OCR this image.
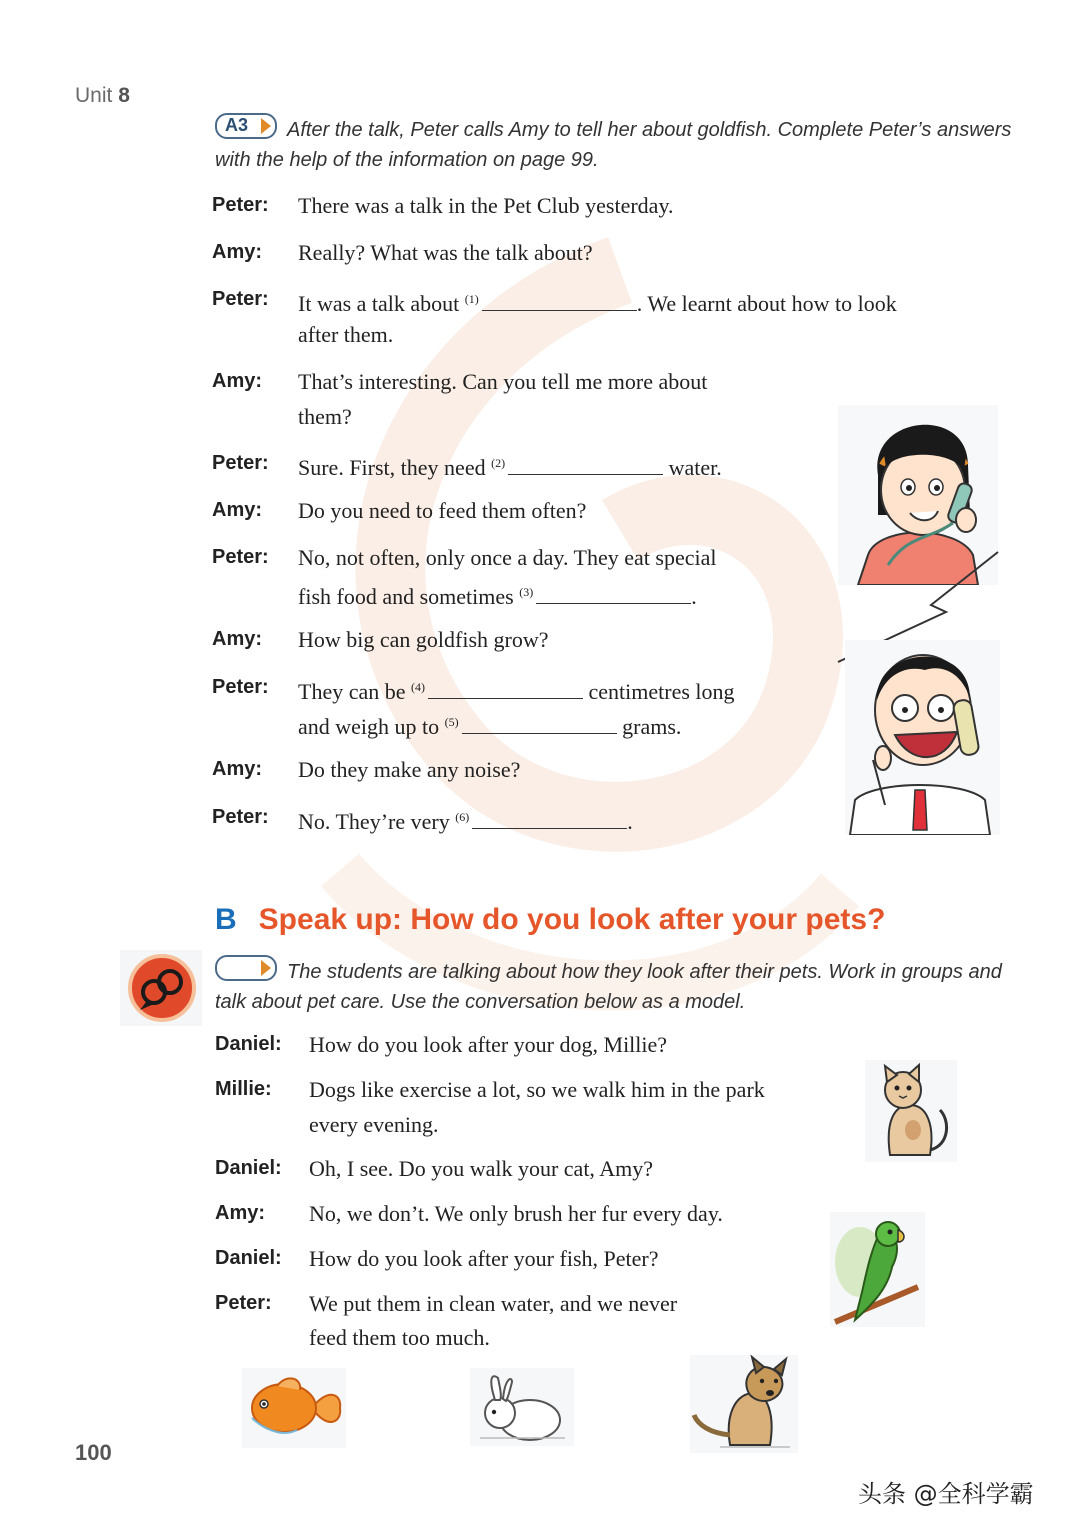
Unit 8
A3 After the talk, Peter calls Amy to tell her about goldfish. Complete Peter’s answers with the help of the information on page 99.
Peter: There was a talk in the Pet Club yesterday.
Amy: Really? What was the talk about?
Peter: It was a talk about $^{(1)}$	. We learnt about how to look
after them.
Amy: That’s interesting. Can you tell me more about
them?
Peter: Sure. First, they need $^{(2)}$	water.
Amy: Do you need to feed them often?
Peter: No, not often, only once a day. They eat special
fish food and sometimes $^{(3)}$	.
Amy: How big can goldfish grow?
Peter: They can be $^{(4)}$	centimetres long
and weigh up to $^{(5)}$	grams.
Amy: Do they make any noise?
Peter: No. They’re very $^{(6)}$	.
B Speak up: How do you look after your pets?
The students are talking about how they look after their pets. Work in groups and talk about pet care. Use the conversation below as a model.
Daniel: How do you look after your dog, Millie?
Millie: Dogs like exercise a lot, so we walk him in the park
every evening.
Daniel: Oh, I see. Do you walk your cat, Amy?
Amy: No, we don’t. We only brush her fur every day.
Daniel: How do you look after your fish, Peter?
Peter: We put them in clean water, and we never
feed them too much.
100
头条 @全科学霸
